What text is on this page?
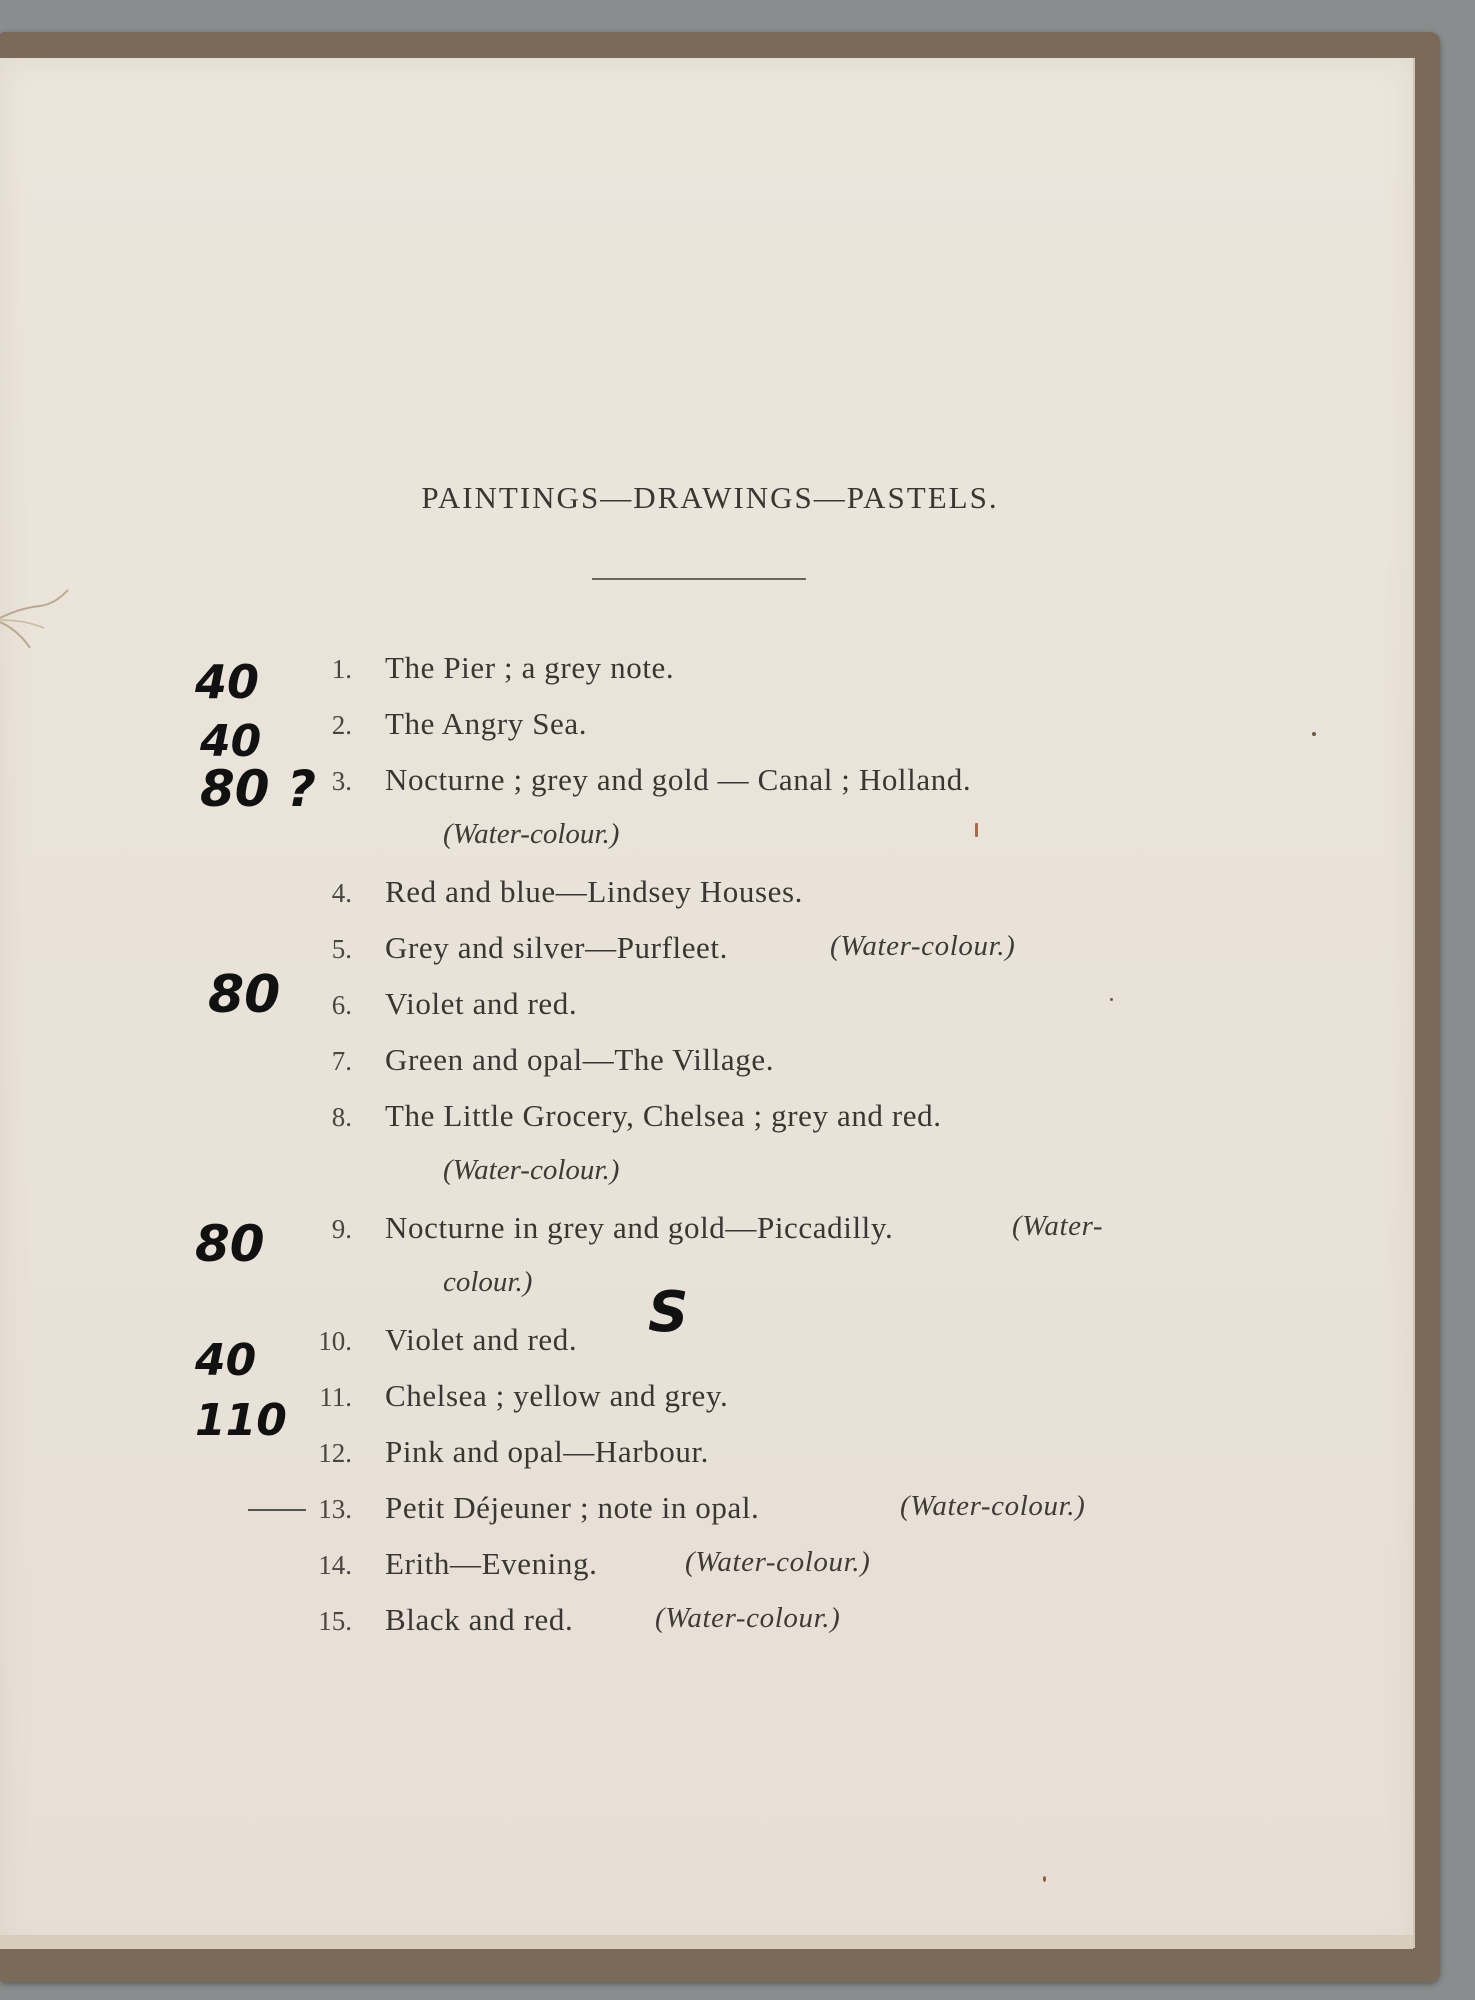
PAINTINGS—DRAWINGS—PASTELS.
1. The Pier ; a grey note.
2. The Angry Sea.
3. Nocturne ; grey and gold — Canal ; Holland.
(Water-colour.)
4. Red and blue—Lindsey Houses.
5. Grey and silver—Purfleet.	(Water-colour.)
6. Violet and red.
7. Green and opal—The Village.
8. The Little Grocery, Chelsea ; grey and red.
(Water-colour.)
9. Nocturne in grey and gold—Piccadilly.	(Water-
colour.)
10. Violet and red.
11. Chelsea ; yellow and grey.
12. Pink and opal—Harbour.
13. Petit Déjeuner ; note in opal.	(Water-colour.)
14. Erith—Evening.	(Water-colour.)
15. Black and red.	(Water-colour.)
40
40
80 ?
80
80
40
110
S
